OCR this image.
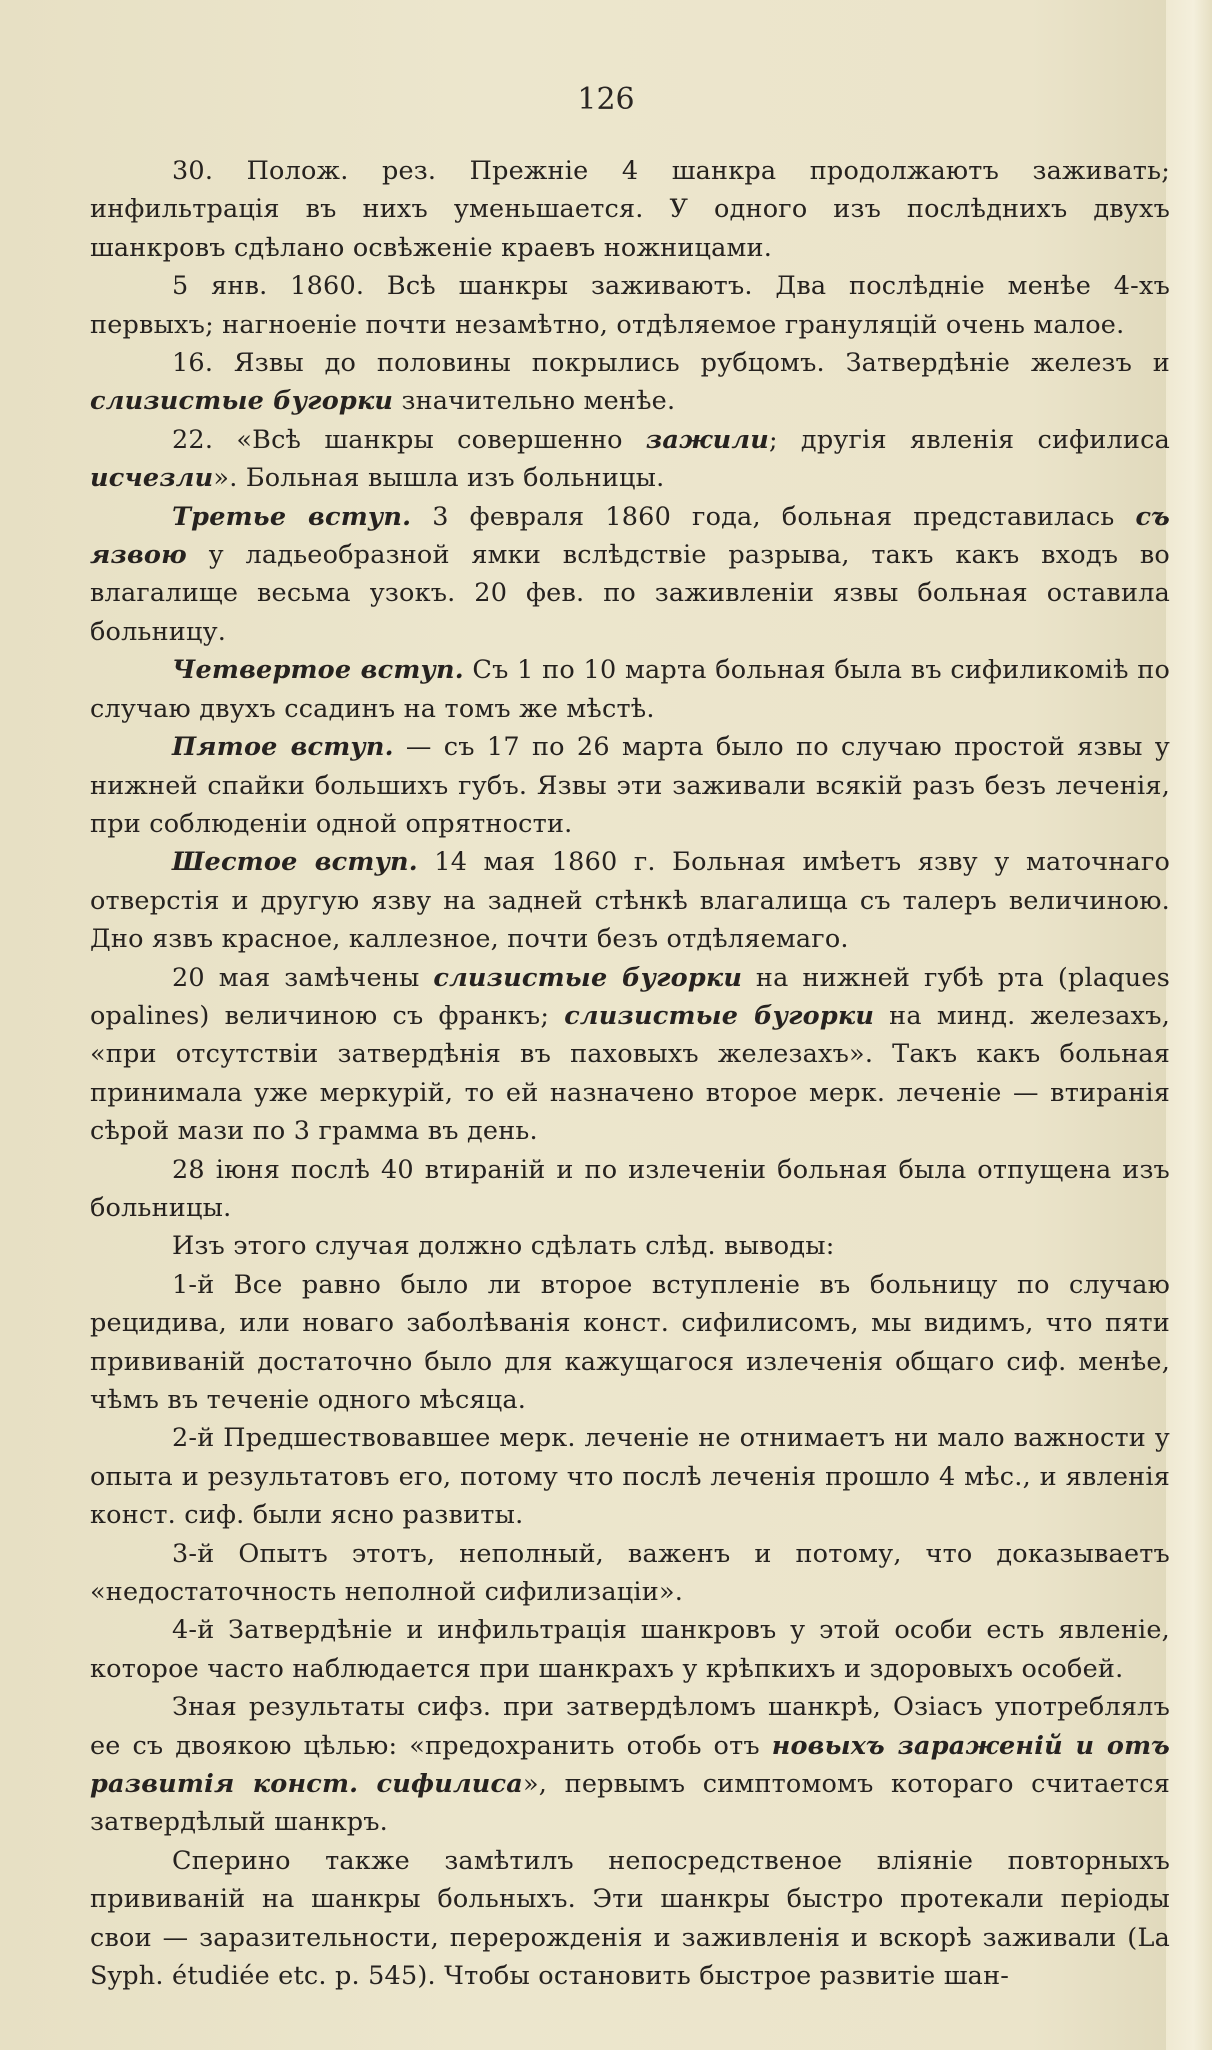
126

30. Полож. рез. Прежнiе 4 шанкра продолжаютъ заживать; инфильтрацiя въ нихъ уменьшается. У одного изъ послѣднихъ двухъ шанкровъ сдѣлано освѣженiе краевъ ножницами.

5 янв. 1860. Всѣ шанкры заживаютъ. Два послѣднiе менѣе 4-хъ первыхъ; нагноенiе почти незамѣтно, отдѣляемое грануляцiй очень малое.

16. Язвы до половины покрылись рубцомъ. Затвердѣнiе железъ и слизистые бугорки значительно менѣе.

22. «Всѣ шанкры совершенно зажили; другiя явленiя сифилиса исчезли». Больная вышла изъ больницы.

Третье вступ. 3 февраля 1860 года, больная представилась съ язвою у ладьеобразной ямки вслѣдствiе разрыва, такъ какъ входъ во влагалище весьма узокъ. 20 фев. по заживленiи язвы больная оставила больницу.

Четвертое вступ. Съ 1 по 10 марта больная была въ сифиликомiѣ по случаю двухъ ссадинъ на томъ же мѣстѣ.

Пятое вступ. — съ 17 по 26 марта было по случаю простой язвы у нижней спайки большихъ губъ. Язвы эти заживали всякiй разъ безъ леченiя, при соблюденiи одной опрятности.

Шестое вступ. 14 мая 1860 г. Больная имѣетъ язву у маточнаго отверстiя и другую язву на задней стѣнкѣ влагалища съ талеръ величиною. Дно язвъ красное, каллезное, почти безъ отдѣляемаго.

20 мая замѣчены слизистые бугорки на нижней губѣ рта (plaques opalines) величиною съ франкъ; слизистые бугорки на минд. железахъ, «при отсутствiи затвердѣнiя въ паховыхъ железахъ». Такъ какъ больная принимала уже меркурiй, то ей назначено второе мерк. леченiе — втиранiя сѣрой мази по 3 грамма въ день.

28 iюня послѣ 40 втиранiй и по излеченiи больная была отпущена изъ больницы.

Изъ этого случая должно сдѣлать слѣд. выводы:

1-й Все равно было ли второе вступленiе въ больницу по случаю рецидива, или новаго заболѣванiя конст. сифилисомъ, мы видимъ, что пяти прививанiй достаточно было для кажущагося излеченiя общаго сиф. менѣе, чѣмъ въ теченiе одного мѣсяца.

2-й Предшествовавшее мерк. леченiе не отнимаетъ ни мало важности у опыта и результатовъ его, потому что послѣ леченiя прошло 4 мѣс., и явленiя конст. сиф. были ясно развиты.

3-й Опытъ этотъ, неполный, важенъ и потому, что доказываетъ «недостаточность неполной сифилизацiи».

4-й Затвердѣнiе и инфильтрацiя шанкровъ у этой особи есть явленiе, которое часто наблюдается при шанкрахъ у крѣпкихъ и здоровыхъ особей.

Зная результаты сифз. при затвердѣломъ шанкрѣ, Озiасъ употреблялъ ее съ двоякою цѣлью: «предохранить отобь отъ новыхъ зараженiй и отъ развитiя конст. сифилиса», первымъ симптомомъ котораго считается затвердѣлый шанкръ.

Сперино также замѣтилъ непосредственое влiянiе повторныхъ прививанiй на шанкры больныхъ. Эти шанкры быстро протекали перiоды свои — заразительности, перерожденiя и заживленiя и вскорѣ заживали (La Syph. étudiée etc. p. 545). Чтобы остановить быстрое развитiе шан-
